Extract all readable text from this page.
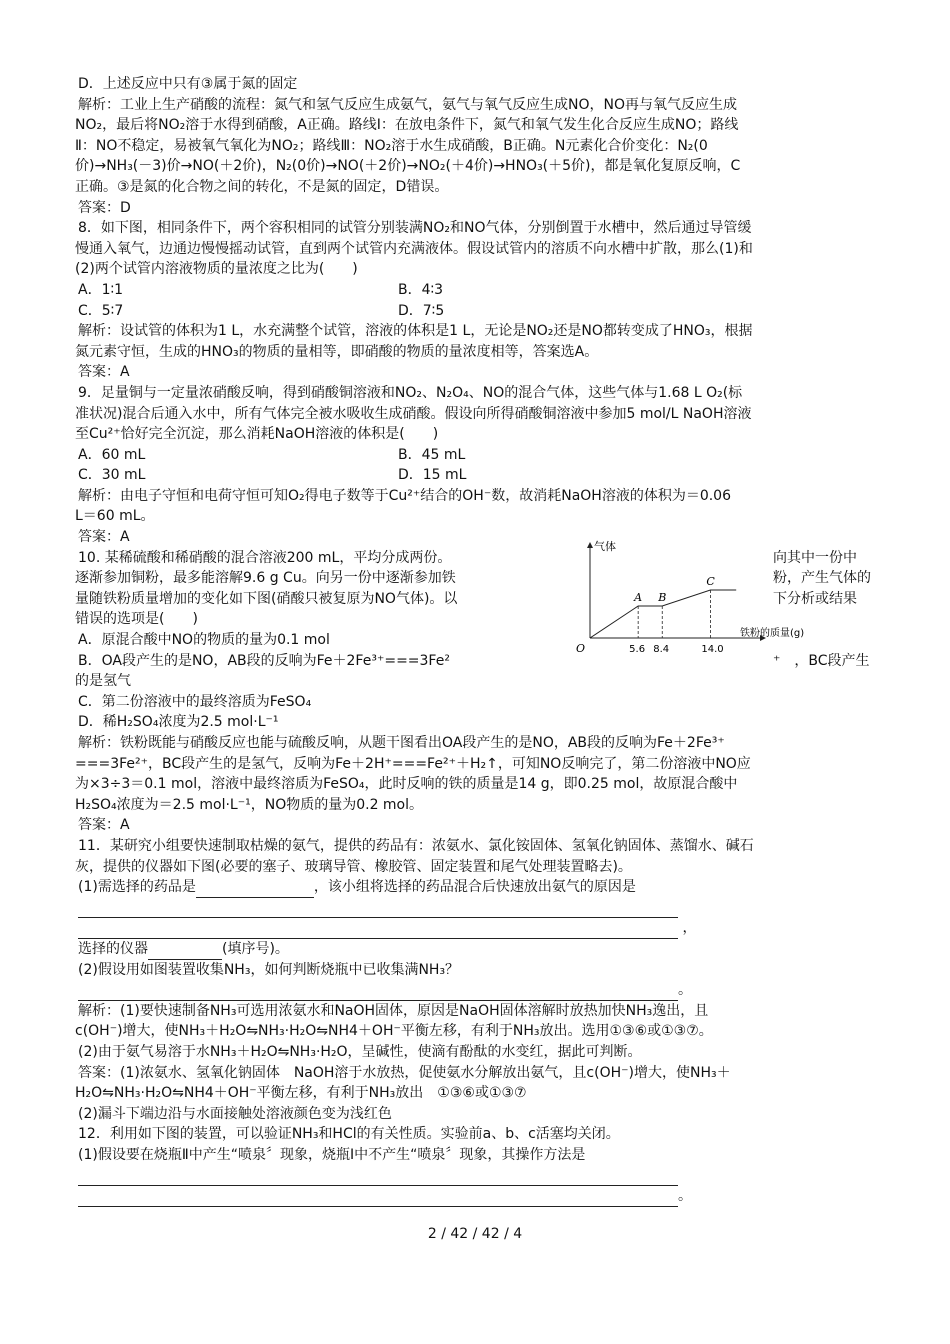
D．上述反应中只有③属于氮的固定

解析：工业上生产硝酸的流程：氮气和氢气反应生成氨气，氨气与氧气反应生成NO，NO再与氧气反应生成

NO₂，最后将NO₂溶于水得到硝酸，A正确。路线Ⅰ：在放电条件下，氮气和氧气发生化合反应生成NO；路线

Ⅱ：NO不稳定，易被氧气氧化为NO₂；路线Ⅲ：NO₂溶于水生成硝酸，B正确。N元素化合价变化：N₂(0

价)→NH₃(－3)价→NO(＋2价)，N₂(0价)→NO(＋2价)→NO₂(＋4价)→HNO₃(＋5价)，都是氧化复原反响，C

正确。③是氮的化合物之间的转化，不是氮的固定，D错误。

答案：D

8．如下图，相同条件下，两个容积相同的试管分别装满NO₂和NO气体，分别倒置于水槽中，然后通过导管缓

慢通入氧气，边通边慢慢摇动试管，直到两个试管内充满液体。假设试管内的溶质不向水槽中扩散，那么(1)和

(2)两个试管内溶液物质的量浓度之比为(　　)

A．1∶1	B．4∶3
C．5∶7	D．7∶5

解析：设试管的体积为1 L，水充满整个试管，溶液的体积是1 L，无论是NO₂还是NO都转变成了HNO₃，根据

氮元素守恒，生成的HNO₃的物质的量相等，即硝酸的物质的量浓度相等，答案选A。

答案：A

9．足量铜与一定量浓硝酸反响，得到硝酸铜溶液和NO₂、N₂O₄、NO的混合气体，这些气体与1.68 L O₂(标

准状况)混合后通入水中，所有气体完全被水吸收生成硝酸。假设向所得硝酸铜溶液中参加5 mol/L NaOH溶液

至Cu²⁺恰好完全沉淀，那么消耗NaOH溶液的体积是(　　)

A．60 mL	B．45 mL
C．30 mL	D．15 mL

解析：由电子守恒和电荷守恒可知O₂得电子数等于Cu²⁺结合的OH⁻数，故消耗NaOH溶液的体积为＝0.06

L＝60 mL。

答案：A

10. 某稀硫酸和稀硝酸的混合溶液200 mL，平均分成两份。

逐渐参加铜粉，最多能溶解9.6 g Cu。向另一份中逐渐参加铁

量随铁粉质量增加的变化如下图(硝酸只被复原为NO气体)。以

错误的选项是(　　)

A．原混合酸中NO的物质的量为0.1 mol

B．OA段产生的是NO，AB段的反响为Fe＋2Fe³⁺===3Fe²	⁺　，BC段产生

的是氢气

C．第二份溶液中的最终溶质为FeSO₄

D．稀H₂SO₄浓度为2.5 mol·L⁻¹

向其中一份中

粉，产生气体的

下分析或结果

气体
O
铁粉的质量(g)
A B
C
5.6 8.4	14.0

解析：铁粉既能与硝酸反应也能与硫酸反响，从题干图看出OA段产生的是NO，AB段的反响为Fe＋2Fe³⁺

===3Fe²⁺，BC段产生的是氢气，反响为Fe＋2H⁺===Fe²⁺＋H₂↑，可知NO反响完了，第二份溶液中NO应

为×3÷3＝0.1 mol，溶液中最终溶质为FeSO₄，此时反响的铁的质量是14 g，即0.25 mol，故原混合酸中

H₂SO₄浓度为＝2.5 mol·L⁻¹，NO物质的量为0.2 mol。

答案：A

11．某研究小组要快速制取枯燥的氨气，提供的药品有：浓氨水、氯化铵固体、氢氧化钠固体、蒸馏水、碱石

灰，提供的仪器如下图(必要的塞子、玻璃导管、橡胶管、固定装置和尾气处理装置略去)。

(1)需选择的药品是	，该小组将选择的药品混合后快速放出氨气的原因是

，

选择的仪器	(填序号)。

(2)假设用如图装置收集NH₃，如何判断烧瓶中已收集满NH₃？

。

解析：(1)要快速制备NH₃可选用浓氨水和NaOH固体，原因是NaOH固体溶解时放热加快NH₃逸出，且

c(OH⁻)增大，使NH₃＋H₂O⇋NH₃·H₂O⇋NH4＋OH⁻平衡左移，有利于NH₃放出。选用①③⑥或①③⑦。

(2)由于氨气易溶于水NH₃＋H₂O⇋NH₃·H₂O，呈碱性，使滴有酚酞的水变红，据此可判断。

答案：(1)浓氨水、氢氧化钠固体　NaOH溶于水放热，促使氨水分解放出氨气，且c(OH⁻)增大，使NH₃＋

H₂O⇋NH₃·H₂O⇋NH4＋OH⁻平衡左移，有利于NH₃放出　①③⑥或①③⑦

(2)漏斗下端边沿与水面接触处溶液颜色变为浅红色

12．利用如下图的装置，可以验证NH₃和HCl的有关性质。实验前a、b、c活塞均关闭。

(1)假设要在烧瓶Ⅱ中产生“喷泉〞现象，烧瓶Ⅰ中不产生“喷泉〞现象，其操作方法是

。

2 / 42 / 42 / 4
